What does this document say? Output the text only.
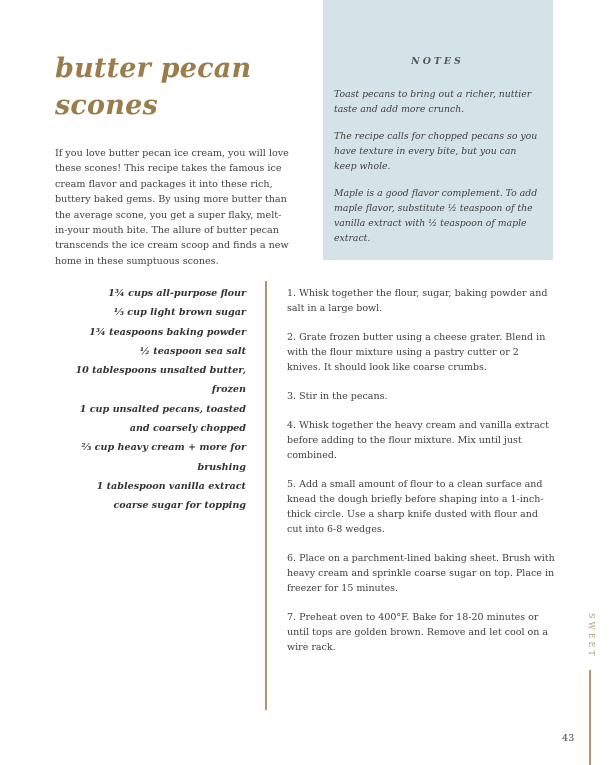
butter pecan
scones

If you love butter pecan ice cream, you will love these scones! This recipe takes the famous ice cream flavor and packages it into these rich, buttery baked gems. By using more butter than the average scone, you get a super flaky, melt-in-your mouth bite. The allure of butter pecan transcends the ice cream scoop and finds a new home in these sumptuous scones.

NOTES

Toast pecans to bring out a richer, nuttier taste and add more crunch.

The recipe calls for chopped pecans so you have texture in every bite, but you can keep whole.

Maple is a good flavor complement. To add maple flavor, substitute ½ teaspoon of the vanilla extract with ½ teaspoon of maple extract.

1¾ cups all-purpose flour
⅓ cup light brown sugar
1¾ teaspoons baking powder
½ teaspoon sea salt
10 tablespoons unsalted butter, frozen
1 cup unsalted pecans, toasted and coarsely chopped
⅔ cup heavy cream + more for brushing
1 tablespoon vanilla extract
coarse sugar for topping
1. Whisk together the flour, sugar, baking powder and salt in a large bowl.
2. Grate frozen butter using a cheese grater. Blend in with the flour mixture using a pastry cutter or 2 knives. It should look like coarse crumbs.
3. Stir in the pecans.
4. Whisk together the heavy cream and vanilla extract before adding to the flour mixture. Mix until just combined.
5. Add a small amount of flour to a clean surface and knead the dough briefly before shaping into a 1-inch-thick circle. Use a sharp knife dusted with flour and cut into 6-8 wedges.
6. Place on a parchment-lined baking sheet. Brush with heavy cream and sprinkle coarse sugar on top. Place in freezer for 15 minutes.
7. Preheat oven to 400°F. Bake for 18-20 minutes or until tops are golden brown. Remove and let cool on a wire rack.	SWEET
43
